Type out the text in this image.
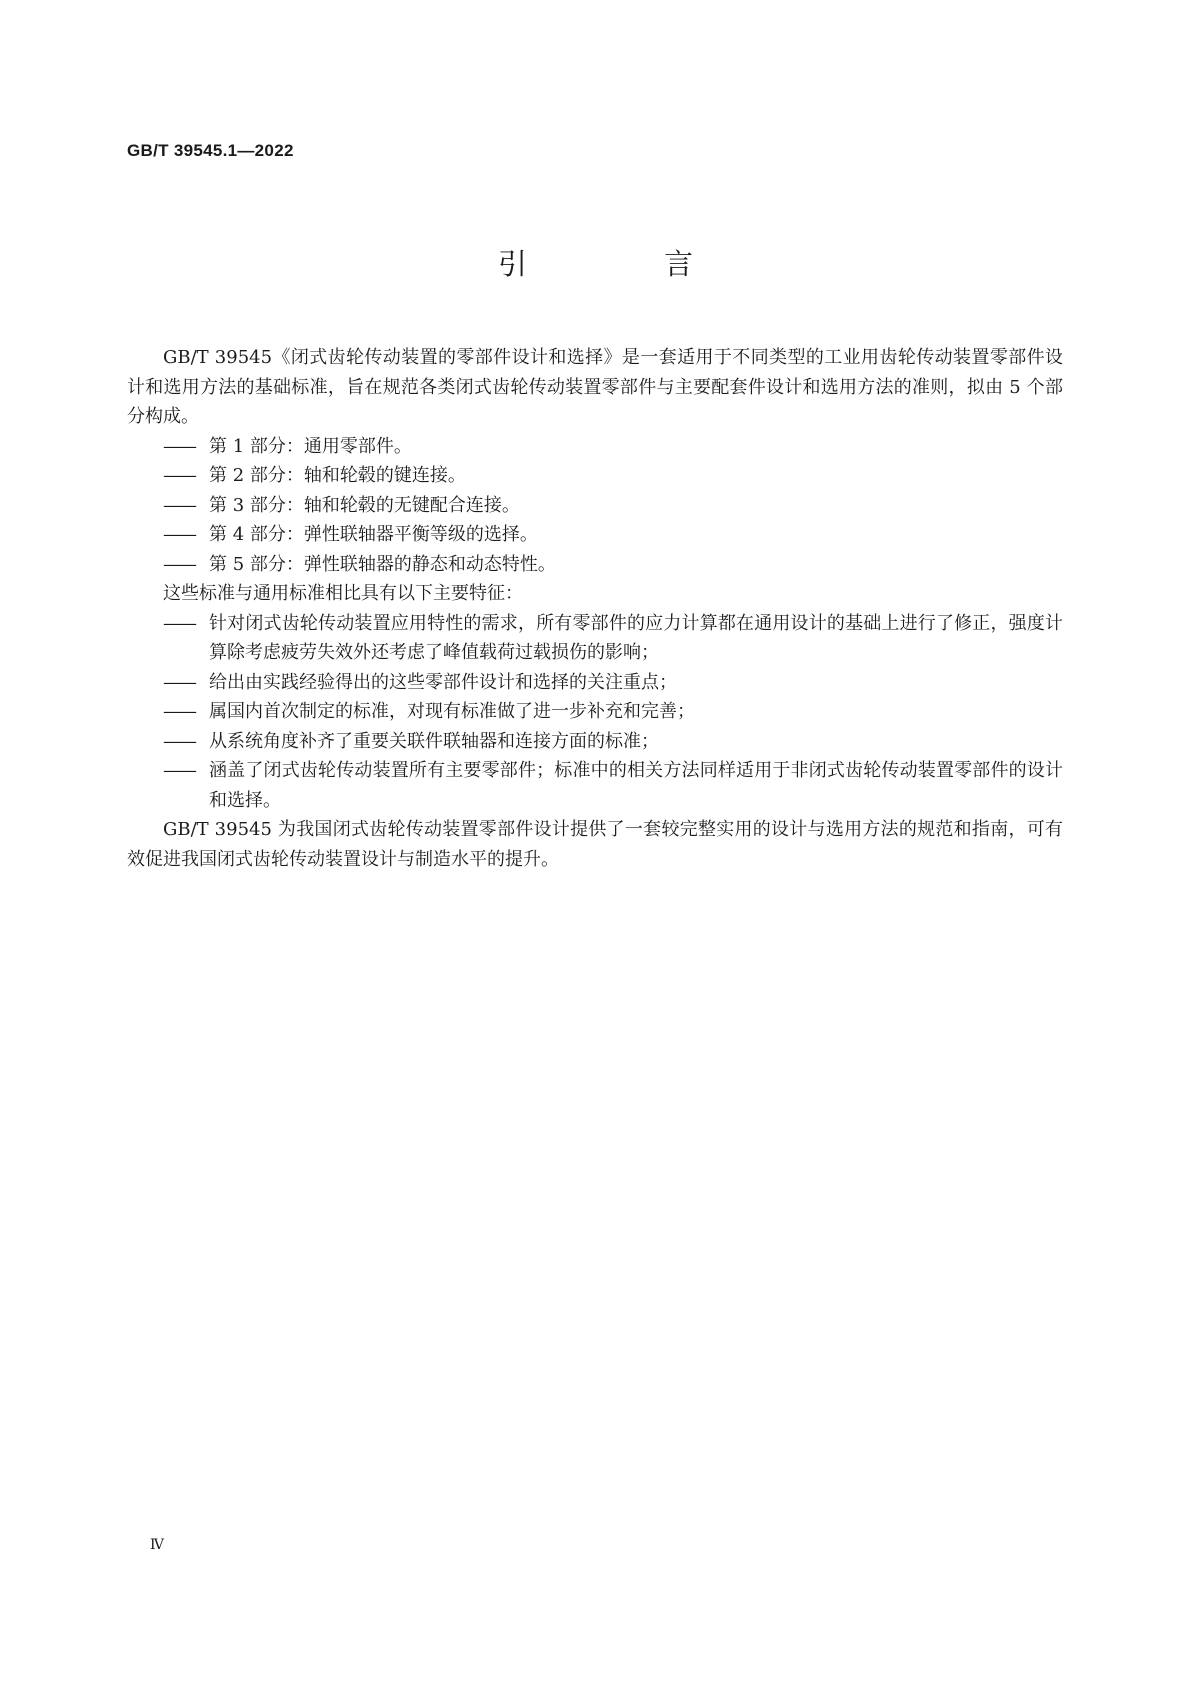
GB/T 39545.1—2022
引　言

GB/T 39545《闭式齿轮传动装置的零部件设计和选择》是一套适用于不同类型的工业用齿轮传动装置零部件设计和选用方法的基础标准，旨在规范各类闭式齿轮传动装置零部件与主要配套件设计和选用方法的准则，拟由 5 个部分构成。

—— 第 1 部分：通用零部件。

—— 第 2 部分：轴和轮毂的键连接。

—— 第 3 部分：轴和轮毂的无键配合连接。

—— 第 4 部分：弹性联轴器平衡等级的选择。

—— 第 5 部分：弹性联轴器的静态和动态特性。

这些标准与通用标准相比具有以下主要特征：

—— 针对闭式齿轮传动装置应用特性的需求，所有零部件的应力计算都在通用设计的基础上进行了修正，强度计算除考虑疲劳失效外还考虑了峰值载荷过载损伤的影响；

—— 给出由实践经验得出的这些零部件设计和选择的关注重点；

—— 属国内首次制定的标准，对现有标准做了进一步补充和完善；

—— 从系统角度补齐了重要关联件联轴器和连接方面的标准；

—— 涵盖了闭式齿轮传动装置所有主要零部件；标准中的相关方法同样适用于非闭式齿轮传动装置零部件的设计和选择。

GB/T 39545 为我国闭式齿轮传动装置零部件设计提供了一套较完整实用的设计与选用方法的规范和指南，可有效促进我国闭式齿轮传动装置设计与制造水平的提升。

Ⅳ
